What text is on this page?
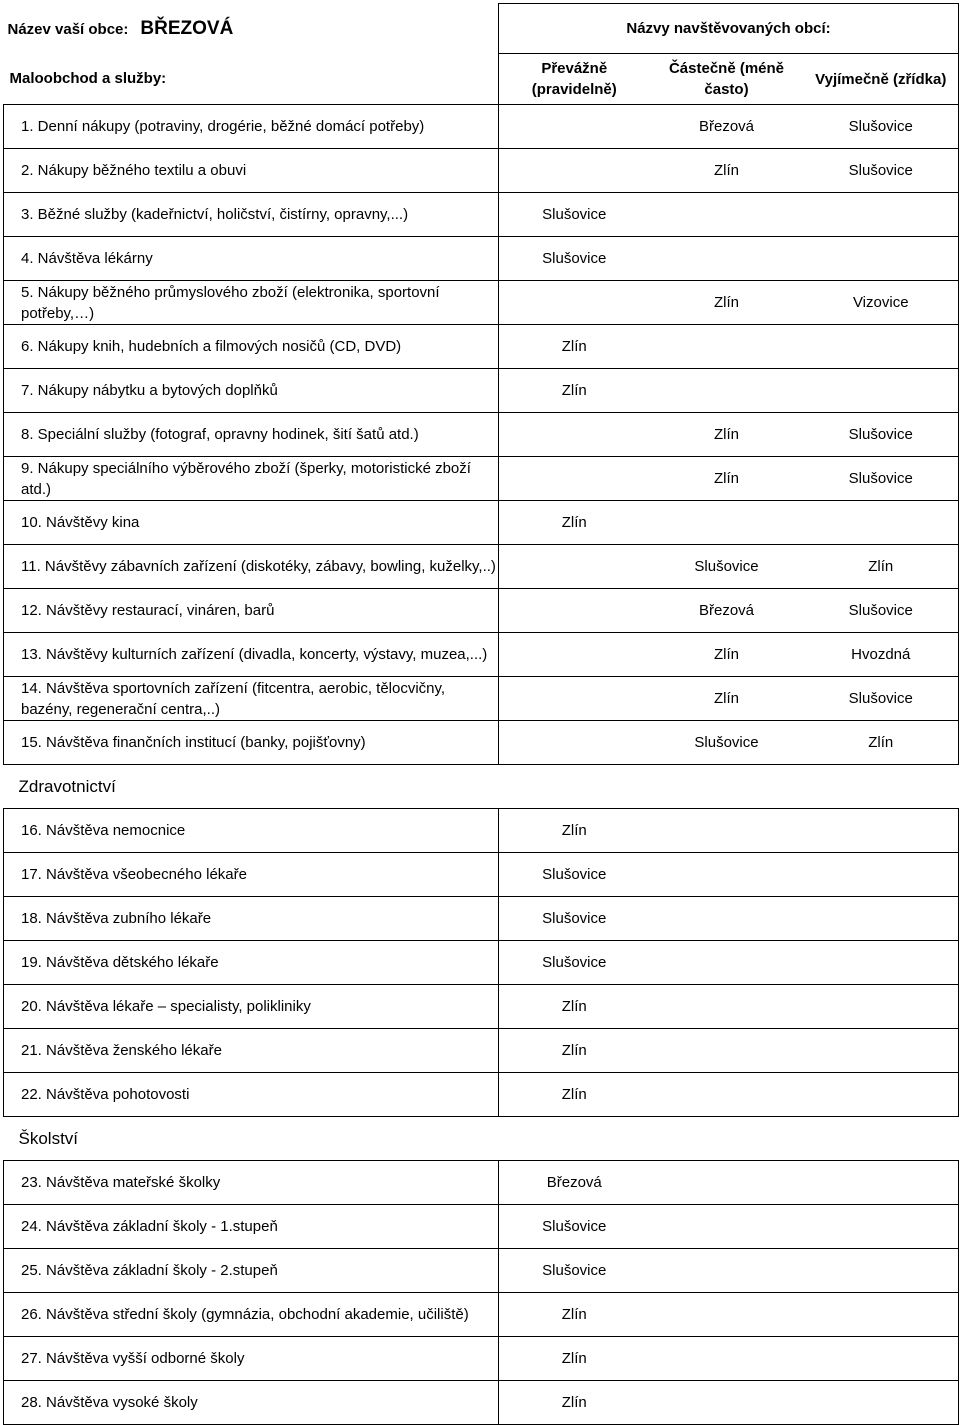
Název vaší obce: BŘEZOVÁ	Názvy navštěvovaných obcí:		
Maloobchod a služby:	Převážně (pravidelně)	Částečně (méně často)	Vyjímečně (zřídka)
1. Denní nákupy (potraviny, drogérie, běžné domácí potřeby)		Březová	Slušovice
2. Nákupy běžného textilu a obuvi		Zlín	Slušovice
3. Běžné služby (kadeřnictví, holičství, čistírny, opravny,...)	Slušovice		
4. Návštěva lékárny	Slušovice		
5. Nákupy běžného průmyslového zboží (elektronika, sportovní potřeby,…)		Zlín	Vizovice
6. Nákupy knih, hudebních a filmových nosičů (CD, DVD)	Zlín		
7. Nákupy nábytku a bytových doplňků	Zlín		
8. Speciální služby (fotograf, opravny hodinek, šití šatů atd.)		Zlín	Slušovice
9. Nákupy speciálního výběrového zboží (šperky, motoristické zboží atd.)		Zlín	Slušovice
10. Návštěvy kina	Zlín		
11. Návštěvy zábavních zařízení (diskotéky, zábavy, bowling, kuželky,..)		Slušovice	Zlín
12. Návštěvy restaurací, vináren, barů		Březová	Slušovice
13. Návštěvy kulturních zařízení (divadla, koncerty, výstavy, muzea,...)		Zlín	Hvozdná
14. Návštěva sportovních zařízení (fitcentra, aerobic, tělocvičny, bazény, regenerační centra,..)		Zlín	Slušovice
15. Návštěva finančních institucí (banky, pojišťovny)		Slušovice	Zlín
Zdravotnictví			
16. Návštěva nemocnice	Zlín		
17. Návštěva všeobecného lékaře	Slušovice		
18. Návštěva zubního lékaře	Slušovice		
19. Návštěva dětského lékaře	Slušovice		
20. Návštěva lékaře – specialisty, polikliniky	Zlín		
21. Návštěva ženského lékaře	Zlín		
22. Návštěva pohotovosti	Zlín		
Školství			
23. Návštěva mateřské školky	Březová		
24. Návštěva základní školy - 1.stupeň	Slušovice		
25. Návštěva základní školy - 2.stupeň	Slušovice		
26. Návštěva střední školy (gymnázia, obchodní akademie, učiliště)	Zlín		
27. Návštěva vyšší odborné školy	Zlín		
28. Návštěva vysoké školy	Zlín		
